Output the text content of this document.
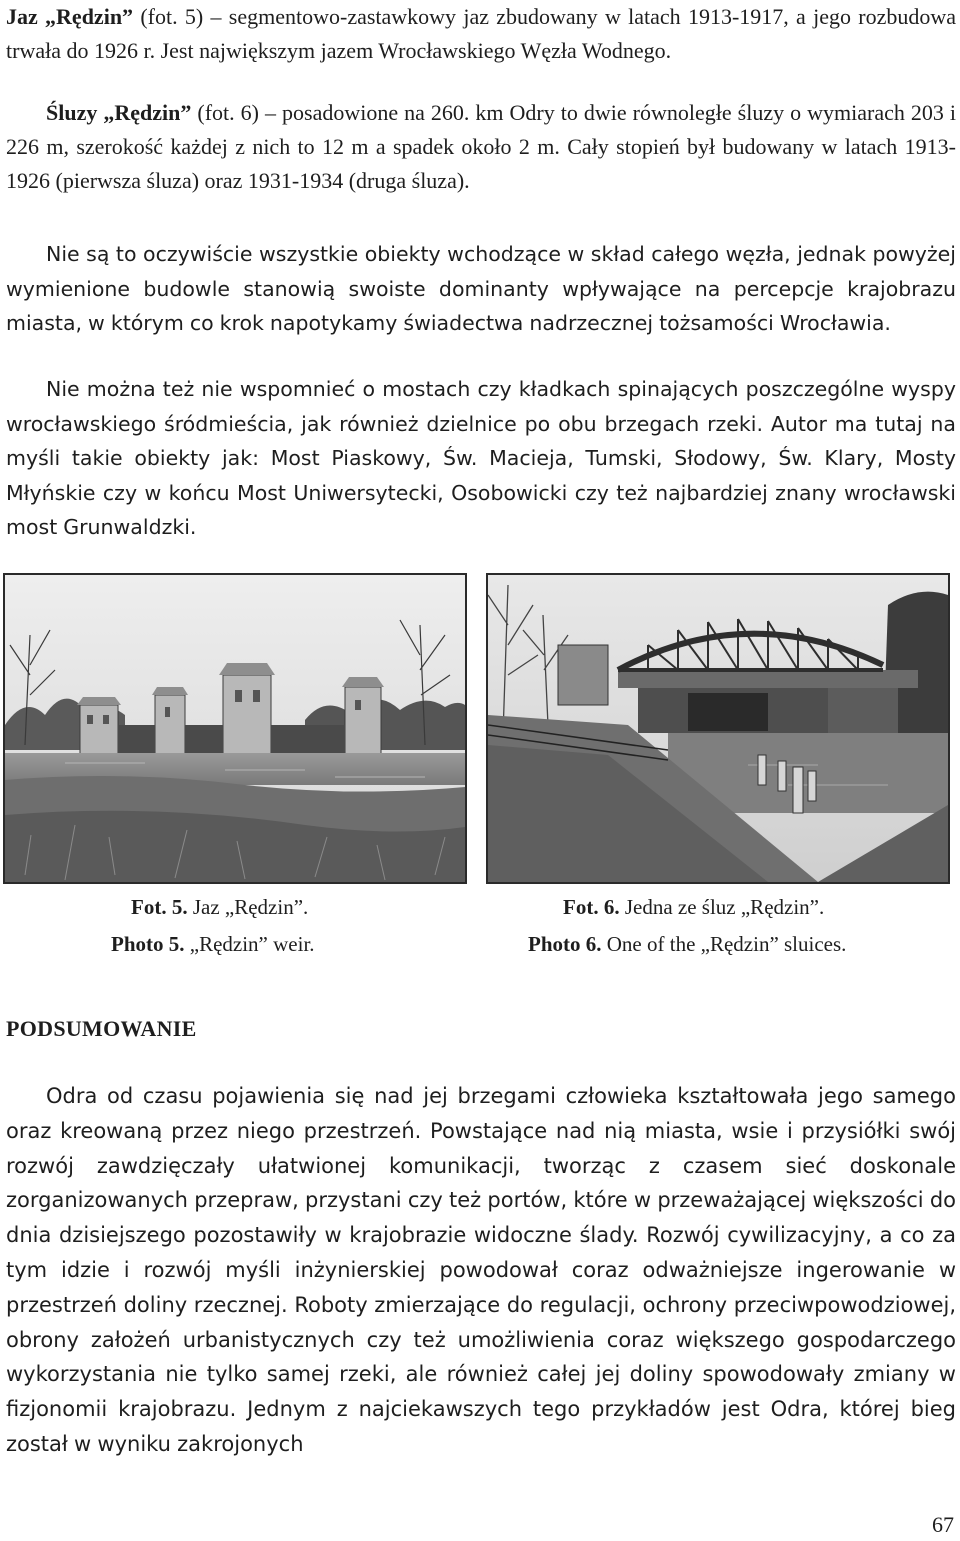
Jaz „Rędzin” (fot. 5) – segmentowo-zastawkowy jaz zbudowany w latach 1913-1917, a jego rozbudowa trwała do 1926 r. Jest największym jazem Wrocławskiego Węzła Wodnego.

Śluzy „Rędzin” (fot. 6) – posadowione na 260. km Odry to dwie równoległe śluzy o wymiarach 203 i 226 m, szerokość każdej z nich to 12 m a spadek około 2 m. Cały stopień był budowany w latach 1913-1926 (pierwsza śluza) oraz 1931-1934 (druga śluza).

Nie są to oczywiście wszystkie obiekty wchodzące w skład całego węzła, jednak powyżej wymienione budowle stanowią swoiste dominanty wpływające na percepcje krajobrazu miasta, w którym co krok napotykamy świadectwa nadrzecznej tożsamości Wrocławia.

Nie można też nie wspomnieć o mostach czy kładkach spinających poszczególne wyspy wrocławskiego śródmieścia, jak również dzielnice po obu brzegach rzeki. Autor ma tutaj na myśli takie obiekty jak: Most Piaskowy, Św. Macieja, Tumski, Słodowy, Św. Klary, Mosty Młyńskie czy w końcu Most Uniwersytecki, Osobowicki czy też najbardziej znany wrocławski most Grunwaldzki.

Fot. 5. Jaz „Rędzin”.
Photo 5. „Rędzin” weir.
Fot. 6. Jedna ze śluz „Rędzin”.
Photo 6. One of the „Rędzin” sluices.
PODSUMOWANIE

Odra od czasu pojawienia się nad jej brzegami człowieka kształtowała jego samego oraz kreowaną przez niego przestrzeń. Powstające nad nią miasta, wsie i przysiółki swój rozwój zawdzięczały ułatwionej komunikacji, tworząc z czasem sieć doskonale zorganizowanych przepraw, przystani czy też portów, które w przeważającej większości do dnia dzisiejszego pozostawiły w krajobrazie widoczne ślady. Rozwój cywilizacyjny, a co za tym idzie i rozwój myśli inżynierskiej powodował coraz odważniejsze ingerowanie w przestrzeń doliny rzecznej. Roboty zmierzające do regulacji, ochrony przeciwpowodziowej, obrony założeń urbanistycznych czy też umożliwienia coraz większego gospodarczego wykorzystania nie tylko samej rzeki, ale również całej jej doliny spowodowały zmiany w fizjonomii krajobrazu. Jednym z najciekawszych tego przykładów jest Odra, której bieg został w wyniku zakrojonych

67
